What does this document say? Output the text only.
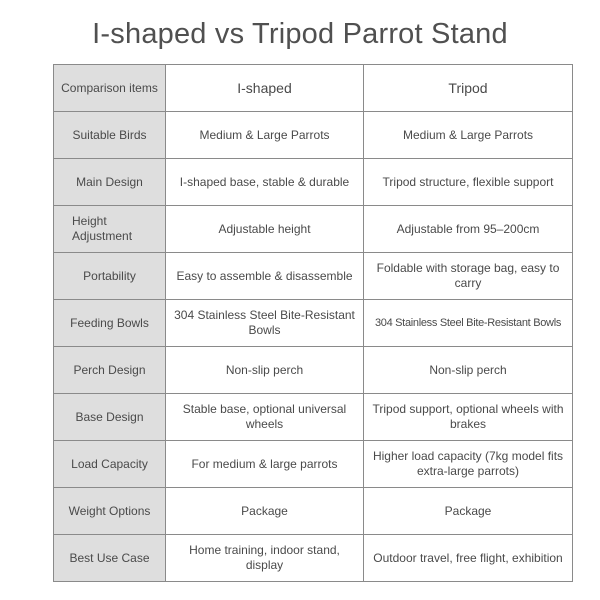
I-shaped vs Tripod Parrot Stand
Comparison items	I-shaped	Tripod
Suitable Birds	Medium & Large Parrots	Medium & Large Parrots
Main Design	I-shaped base, stable & durable	Tripod structure, flexible support
Height Adjustment	Adjustable height	Adjustable from 95–200cm
Portability	Easy to assemble & disassemble	Foldable with storage bag, easy to carry
Feeding Bowls	304 Stainless Steel Bite-Resistant Bowls	304 Stainless Steel Bite-Resistant Bowls
Perch Design	Non-slip perch	Non-slip perch
Base Design	Stable base, optional universal wheels	Tripod support, optional wheels with brakes
Load Capacity	For medium & large parrots	Higher load capacity (7kg model fits extra-large parrots)
Weight Options	Package	Package
Best Use Case	Home training, indoor stand, display	Outdoor travel, free flight, exhibition
